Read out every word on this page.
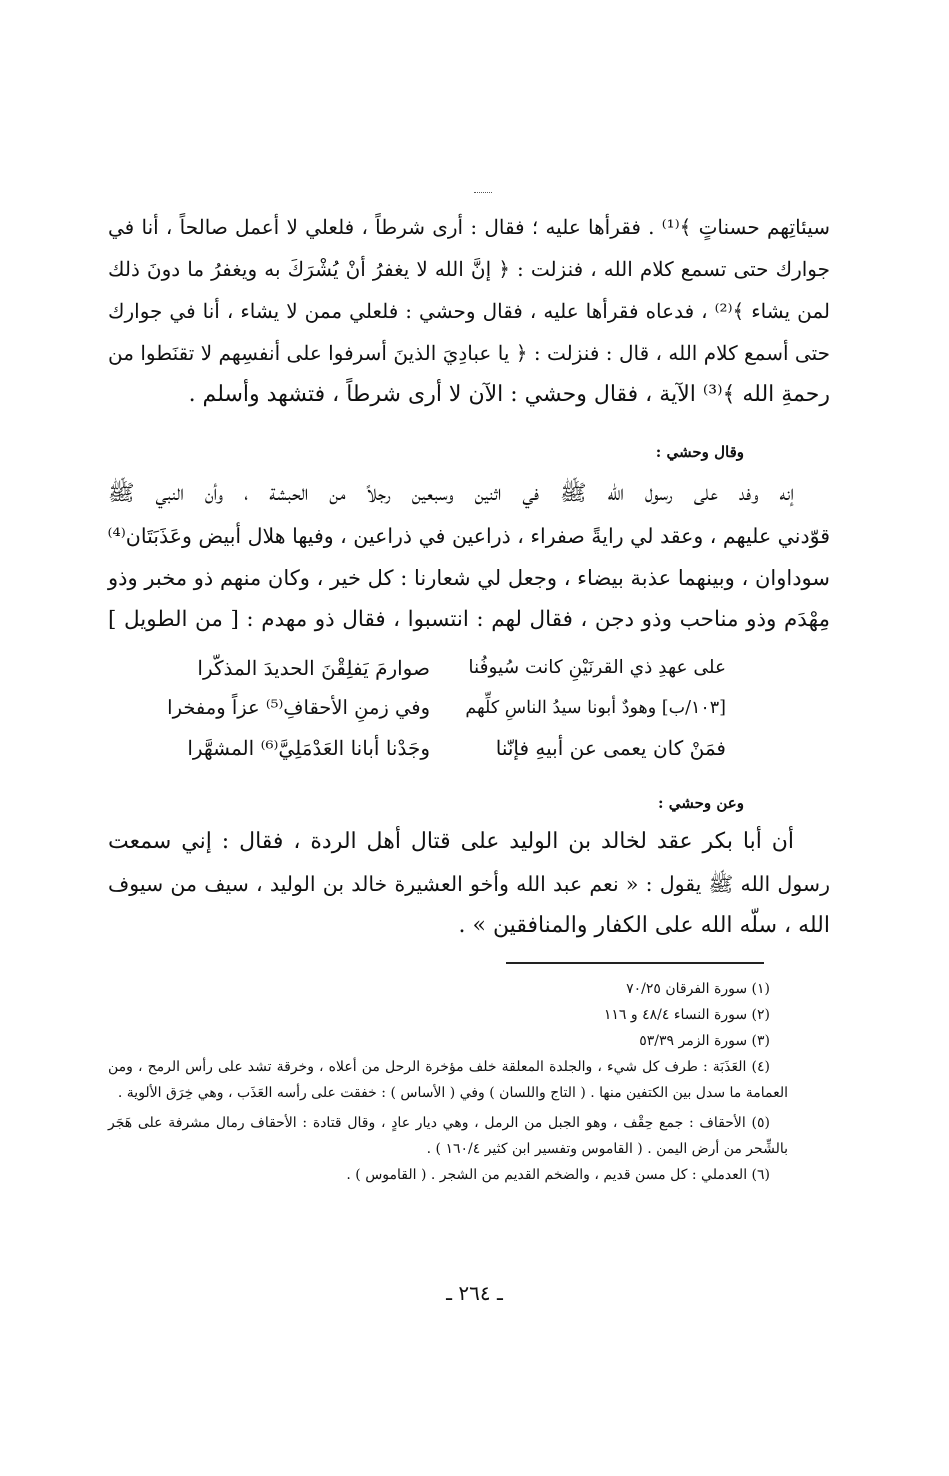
سيئاتِهم حسناتٍ ﴾⁽¹⁾ . فقرأها عليه ؛ فقال : أرى شرطاً ، فلعلي لا أعمل صالحاً ، أنا في

جوارك حتى تسمع كلام الله ، فنزلت : ﴿ إنَّ الله لا يغفرُ أنْ يُشْرَكَ به ويغفرُ ما دونَ ذلك

لمن يشاء ﴾⁽²⁾ ، فدعاه فقرأها عليه ، فقال وحشي : فلعلي ممن لا يشاء ، أنا في جوارك

حتى أسمع كلام الله ، قال : فنزلت : ﴿ يا عبادِيَ الذينَ أسرفوا على أنفسِهم لا تقنَطوا من

رحمةِ الله ﴾⁽³⁾ الآية ، فقال وحشي : الآن لا أرى شرطاً ، فتشهد وأسلم .

وقال وحشي :

إنه وفد على رسول الله ﷺ في اثنين وسبعين رجلاً من الحبشة ، وأن النبي ﷺ

قوّدني عليهم ، وعقد لي رايةً صفراء ، ذراعين في ذراعين ، وفيها هلال أبيض وعَذَبَتَان⁽⁴⁾

سوداوان ، وبينهما عذبة بيضاء ، وجعل لي شعارنا : كل خير ، وكان منهم ذو مخبر وذو

مِهْدَم وذو مناحب وذو دجن ، فقال لهم : انتسبوا ، فقال ذو مهدم : [ من الطويل ]

على عهدِ ذي القرنَيْنِ كانت سُيوفُنا
صوارمَ يَفلِقْنَ الحديدَ المذكّرا
[١٠٣/ب] وهودٌ أبونا سيدُ الناسِ كلِّهم
وفي زمنِ الأحقافِ⁽⁵⁾ عزاً ومفخرا
فمَنْ كان يعمى عن أبيهِ فإنّنا
وجَدْنا أبانا العَدْمَلِيَّ⁽⁶⁾ المشهَّرا
وعن وحشي :

أن أبا بكر عقد لخالد بن الوليد على قتال أهل الردة ، فقال : إني سمعت

رسول الله ﷺ يقول : « نعم عبد الله وأخو العشيرة خالد بن الوليد ، سيف من سيوف

الله ، سلّه الله على الكفار والمنافقين » .

(١) سورة الفرقان ٧٠/٢٥

(٢) سورة النساء ٤٨/٤ و ١١٦

(٣) سورة الزمر ٥٣/٣٩

(٤) العَذَبَة : طرف كل شيء ، والجلدة المعلقة خلف مؤخرة الرحل من أعلاه ، وخرقة تشد على رأس الرمح ، ومن العمامة ما سدل بين الكتفين منها . ( التاج واللسان ) وفي ( الأساس ) : خفقت على رأسه العَذَب ، وهي خِرَق الألوية .

(٥) الأحقاف : جمع حِقْف ، وهو الجبل من الرمل ، وهي ديار عادٍ ، وقال قتادة : الأحقاف رمال مشرفة على هَجَر بالشِّحر من أرض اليمن . ( القاموس وتفسير ابن كثير ١٦٠/٤ ) .

(٦) العدملي : كل مسن قديم ، والضخم القديم من الشجر . ( القاموس ) .

ـ ٢٦٤ ـ
